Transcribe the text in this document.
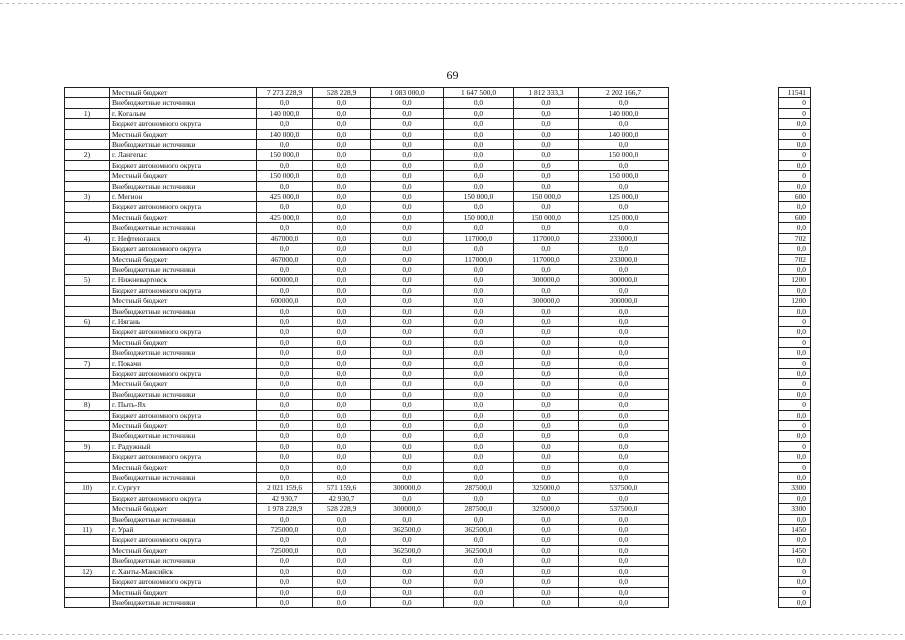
69
	Местный бюджет	7 273 228,9	528 228,9	1 083 000,0	1 647 500,0	1 812 333,3	2 202 166,7		11541
	Внебюджетные источники	0,0	0,0	0,0	0,0	0,0	0,0		0
1)	г. Когалым	140 000,0	0,0	0,0	0,0	0,0	140 000,0		0
	Бюджет автономного округа	0,0	0,0	0,0	0,0	0,0	0,0		0,0
	Местный бюджет	140 000,0	0,0	0,0	0,0	0,0	140 000,0		0
	Внебюджетные источники	0,0	0,0	0,0	0,0	0,0	0,0		0,0
2)	г. Лангепас	150 000,0	0,0	0,0	0,0	0,0	150 000,0		0
	Бюджет автономного округа	0,0	0,0	0,0	0,0	0,0	0,0		0,0
	Местный бюджет	150 000,0	0,0	0,0	0,0	0,0	150 000,0		0
	Внебюджетные источники	0,0	0,0	0,0	0,0	0,0	0,0		0,0
3)	г. Мегион	425 000,0	0,0	0,0	150 000,0	150 000,0	125 000,0		600
	Бюджет автономного округа	0,0	0,0	0,0	0,0	0,0	0,0		0,0
	Местный бюджет	425 000,0	0,0	0,0	150 000,0	150 000,0	125 000,0		600
	Внебюджетные источники	0,0	0,0	0,0	0,0	0,0	0,0		0,0
4)	г. Нефтеюганск	467000,0	0,0	0,0	117000,0	117000,0	233000,0		702
	Бюджет автономного округа	0,0	0,0	0,0	0,0	0,0	0,0		0,0
	Местный бюджет	467000,0	0,0	0,0	117000,0	117000,0	233000,0		702
	Внебюджетные источники	0,0	0,0	0,0	0,0	0,0	0,0		0,0
5)	г. Нижневартовск	600000,0	0,0	0,0	0,0	300000,0	300000,0		1200
	Бюджет автономного округа	0,0	0,0	0,0	0,0	0,0	0,0		0,0
	Местный бюджет	600000,0	0,0	0,0	0,0	300000,0	300000,0		1200
	Внебюджетные источники	0,0	0,0	0,0	0,0	0,0	0,0		0,0
6)	г. Нягань	0,0	0,0	0,0	0,0	0,0	0,0		0
	Бюджет автономного округа	0,0	0,0	0,0	0,0	0,0	0,0		0,0
	Местный бюджет	0,0	0,0	0,0	0,0	0,0	0,0		0
	Внебюджетные источники	0,0	0,0	0,0	0,0	0,0	0,0		0,0
7)	г. Покачи	0,0	0,0	0,0	0,0	0,0	0,0		0
	Бюджет автономного округа	0,0	0,0	0,0	0,0	0,0	0,0		0,0
	Местный бюджет	0,0	0,0	0,0	0,0	0,0	0,0		0
	Внебюджетные источники	0,0	0,0	0,0	0,0	0,0	0,0		0,0
8)	г. Пыть-Ях	0,0	0,0	0,0	0,0	0,0	0,0		0
	Бюджет автономного округа	0,0	0,0	0,0	0,0	0,0	0,0		0,0
	Местный бюджет	0,0	0,0	0,0	0,0	0,0	0,0		0
	Внебюджетные источники	0,0	0,0	0,0	0,0	0,0	0,0		0,0
9)	г. Радужный	0,0	0,0	0,0	0,0	0,0	0,0		0
	Бюджет автономного округа	0,0	0,0	0,0	0,0	0,0	0,0		0,0
	Местный бюджет	0,0	0,0	0,0	0,0	0,0	0,0		0
	Внебюджетные источники	0,0	0,0	0,0	0,0	0,0	0,0		0,0
10)	г. Сургут	2 021 159,6	571 159,6	300000,0	287500,0	325000,0	537500,0		3300
	Бюджет автономного округа	42 930,7	42 930,7	0,0	0,0	0,0	0,0		0,0
	Местный бюджет	1 978 228,9	528 228,9	300000,0	287500,0	325000,0	537500,0		3300
	Внебюджетные источники	0,0	0,0	0,0	0,0	0,0	0,0		0,0
11)	г. Урай	725000,0	0,0	362500,0	362500,0	0,0	0,0		1450
	Бюджет автономного округа	0,0	0,0	0,0	0,0	0,0	0,0		0,0
	Местный бюджет	725000,0	0,0	362500,0	362500,0	0,0	0,0		1450
	Внебюджетные источники	0,0	0,0	0,0	0,0	0,0	0,0		0,0
12)	г. Ханты-Мансийск	0,0	0,0	0,0	0,0	0,0	0,0		0
	Бюджет автономного округа	0,0	0,0	0,0	0,0	0,0	0,0		0,0
	Местный бюджет	0,0	0,0	0,0	0,0	0,0	0,0		0
	Внебюджетные источники	0,0	0,0	0,0	0,0	0,0	0,0		0,0
